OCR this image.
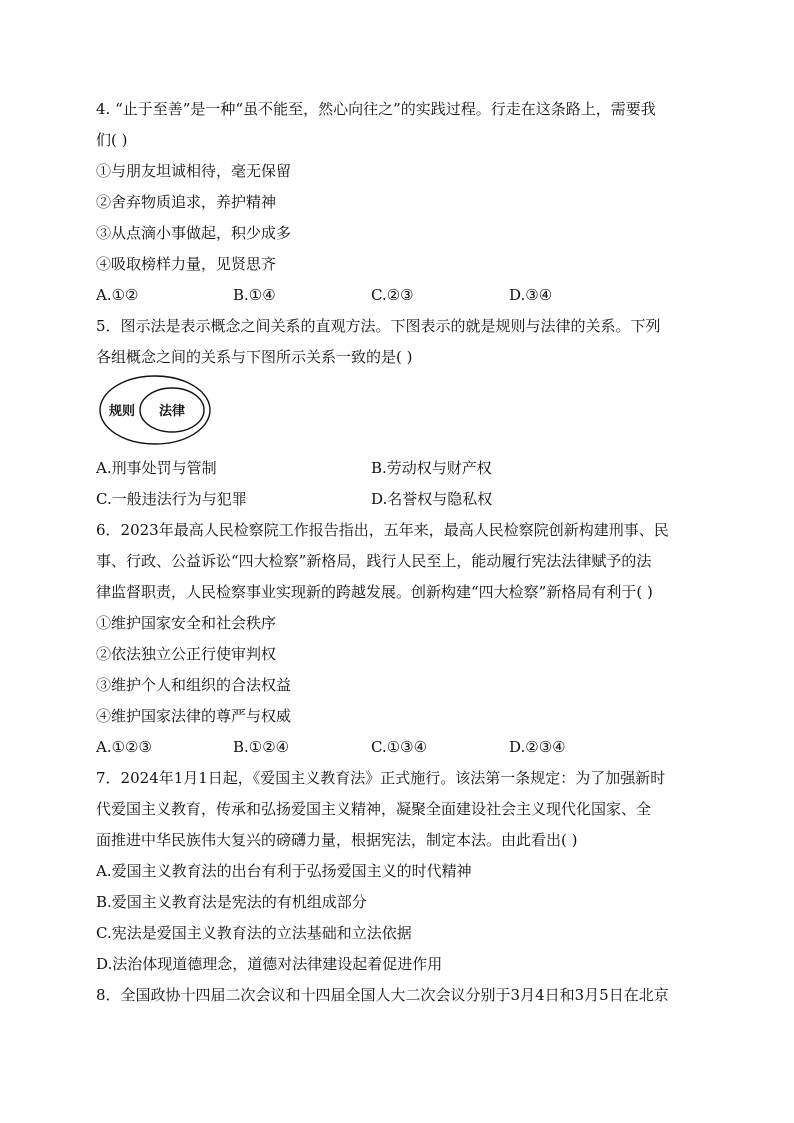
4. “止于至善”是一种“虽不能至，然心向往之”的实践过程。行走在这条路上，需要我
们( )
①与朋友坦诚相待，毫无保留
②舍弃物质追求，养护精神
③从点滴小事做起，积少成多
④吸取榜样力量，见贤思齐
A.①②	B.①④	C.②③	D.③④
5．图示法是表示概念之间关系的直观方法。下图表示的就是规则与法律的关系。下列
各组概念之间的关系与下图所示关系一致的是( )
规则 法律
A.刑事处罚与管制	B.劳动权与财产权
C.一般违法行为与犯罪	D.名誉权与隐私权
6．2023年最高人民检察院工作报告指出，五年来，最高人民检察院创新构建刑事、民
事、行政、公益诉讼“四大检察”新格局，践行人民至上，能动履行宪法法律赋予的法
律监督职责，人民检察事业实现新的跨越发展。创新构建“四大检察”新格局有利于( )
①维护国家安全和社会秩序
②依法独立公正行使审判权
③维护个人和组织的合法权益
④维护国家法律的尊严与权威
A.①②③	B.①②④	C.①③④	D.②③④
7．2024年1月1日起，《爱国主义教育法》正式施行。该法第一条规定：为了加强新时
代爱国主义教育，传承和弘扬爱国主义精神，凝聚全面建设社会主义现代化国家、全
面推进中华民族伟大复兴的磅礴力量，根据宪法，制定本法。由此看出( )
A.爱国主义教育法的出台有利于弘扬爱国主义的时代精神
B.爱国主义教育法是宪法的有机组成部分
C.宪法是爱国主义教育法的立法基础和立法依据
D.法治体现道德理念，道德对法律建设起着促进作用
8．全国政协十四届二次会议和十四届全国人大二次会议分别于3月4日和3月5日在北京
